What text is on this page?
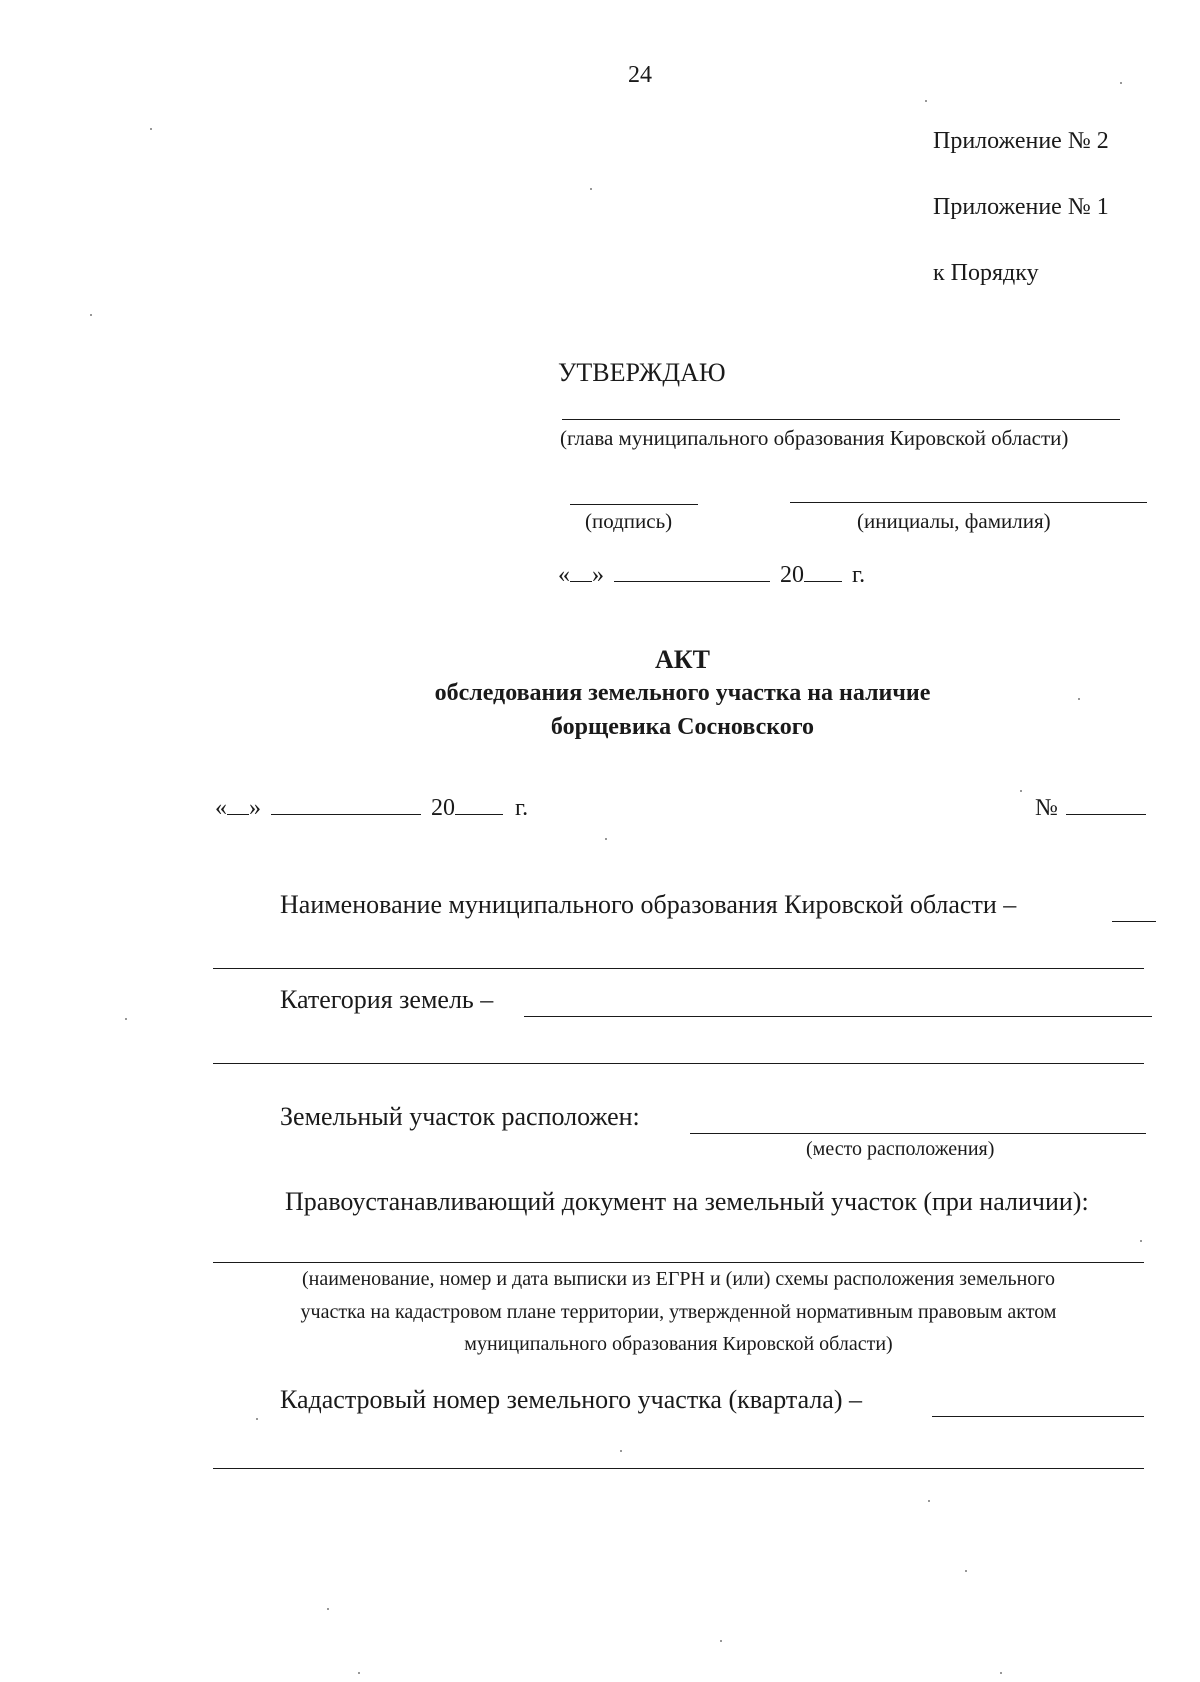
24
Приложение № 2
Приложение № 1
к Порядку
УТВЕРЖДАЮ
(глава муниципального образования Кировской области)
(подпись)	(инициалы, фамилия)
« »	20 г.
АКТ
обследования земельного участка на наличие
борщевика Сосновского
« »	20	г.	№
Наименование муниципального образования Кировской области –
Категория земель –
Земельный участок расположен:
(место расположения)
Правоустанавливающий документ на земельный участок (при наличии):
(наименование, номер и дата выписки из ЕГРН и (или) схемы расположения земельного
участка на кадастровом плане территории, утвержденной нормативным правовым актом
муниципального образования Кировской области)
Кадастровый номер земельного участка (квартала) –
